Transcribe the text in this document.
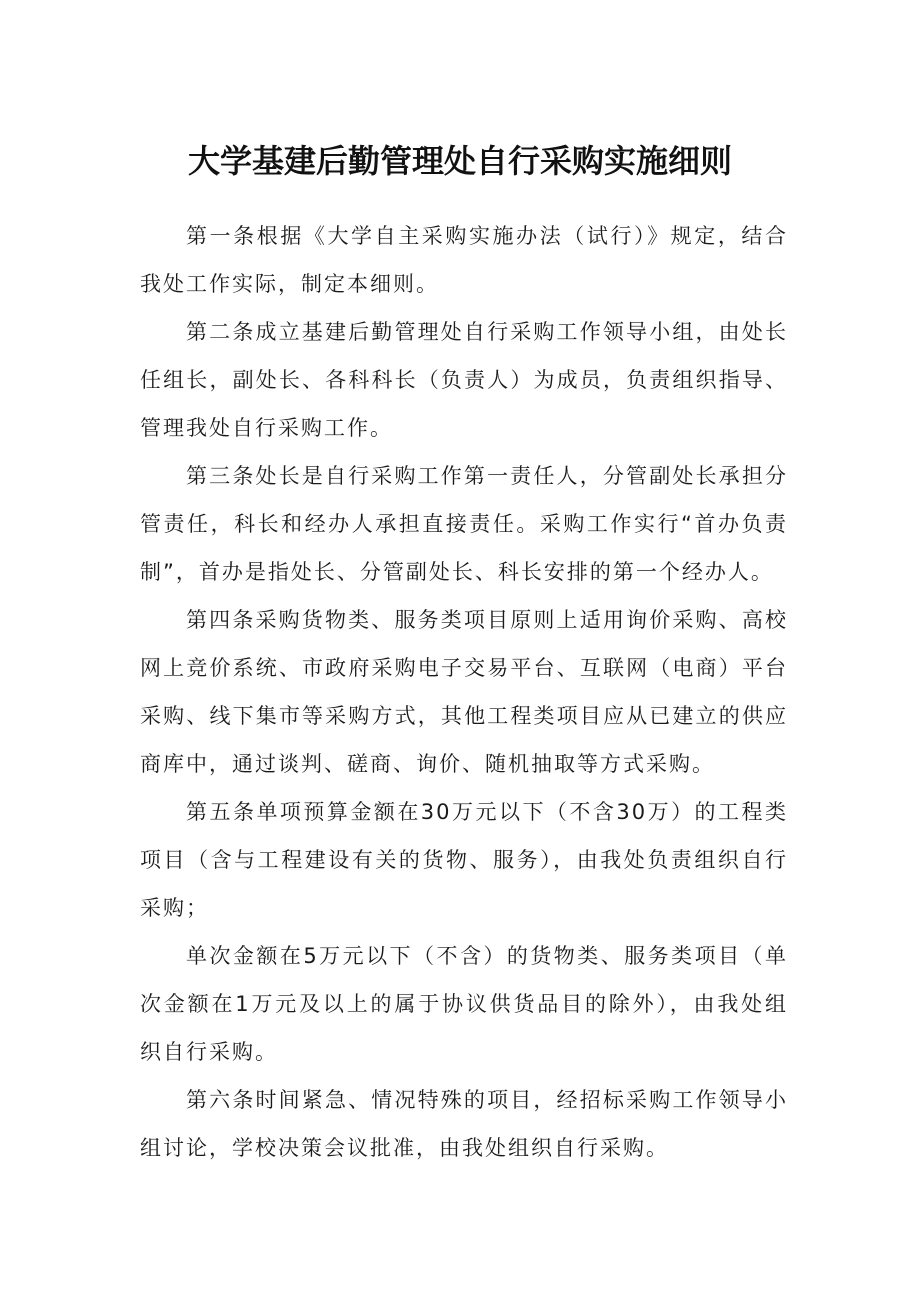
大学基建后勤管理处自行采购实施细则

第一条根据《大学自主采购实施办法（试行）》规定，结合我处工作实际，制定本细则。

第二条成立基建后勤管理处自行采购工作领导小组，由处长任组长，副处长、各科科长（负责人）为成员，负责组织指导、管理我处自行采购工作。

第三条处长是自行采购工作第一责任人，分管副处长承担分管责任，科长和经办人承担直接责任。采购工作实行“首办负责制”，首办是指处长、分管副处长、科长安排的第一个经办人。

第四条采购货物类、服务类项目原则上适用询价采购、高校网上竞价系统、市政府采购电子交易平台、互联网（电商）平台采购、线下集市等采购方式，其他工程类项目应从已建立的供应商库中，通过谈判、磋商、询价、随机抽取等方式采购。

第五条单项预算金额在30万元以下（不含30万）的工程类项目（含与工程建设有关的货物、服务），由我处负责组织自行采购；

单次金额在5万元以下（不含）的货物类、服务类项目（单次金额在1万元及以上的属于协议供货品目的除外），由我处组织自行采购。

第六条时间紧急、情况特殊的项目，经招标采购工作领导小组讨论，学校决策会议批准，由我处组织自行采购。
